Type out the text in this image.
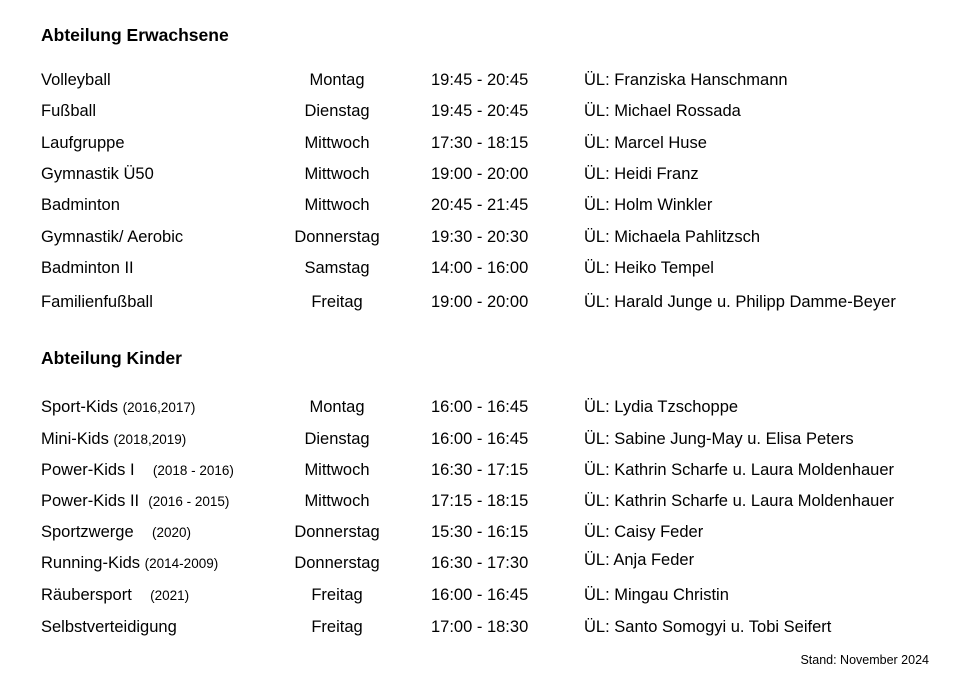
Abteilung Erwachsene
Volleyball	Montag	19:45 - 20:45	ÜL: Franziska Hanschmann
Fußball	Dienstag	19:45 - 20:45	ÜL: Michael Rossada
Laufgruppe	Mittwoch	17:30 - 18:15	ÜL: Marcel Huse
Gymnastik Ü50	Mittwoch	19:00 - 20:00	ÜL: Heidi Franz
Badminton	Mittwoch	20:45 - 21:45	ÜL: Holm Winkler
Gymnastik/ Aerobic	Donnerstag	19:30 - 20:30	ÜL: Michaela Pahlitzsch
Badminton II	Samstag	14:00 - 16:00	ÜL: Heiko Tempel
Familienfußball	Freitag	19:00 - 20:00	ÜL: Harald Junge u. Philipp Damme-Beyer
Abteilung Kinder
Sport-Kids (2016,2017)	Montag	16:00 - 16:45	ÜL: Lydia Tzschoppe
Mini-Kids (2018,2019)	Dienstag	16:00 - 16:45	ÜL: Sabine Jung-May u. Elisa Peters
Power-Kids I (2018 - 2016)	Mittwoch	16:30 - 17:15	ÜL: Kathrin Scharfe u. Laura Moldenhauer
Power-Kids II (2016 - 2015)	Mittwoch	17:15 - 18:15	ÜL: Kathrin Scharfe u. Laura Moldenhauer
Sportzwerge (2020)	Donnerstag	15:30 - 16:15	ÜL: Caisy Feder
Running-Kids (2014-2009)	Donnerstag	16:30 - 17:30	ÜL: Anja Feder
Räubersport (2021)	Freitag	16:00 - 16:45	ÜL: Mingau Christin
Selbstverteidigung	Freitag	17:00 - 18:30	ÜL: Santo Somogyi u. Tobi Seifert
Stand: November 2024
